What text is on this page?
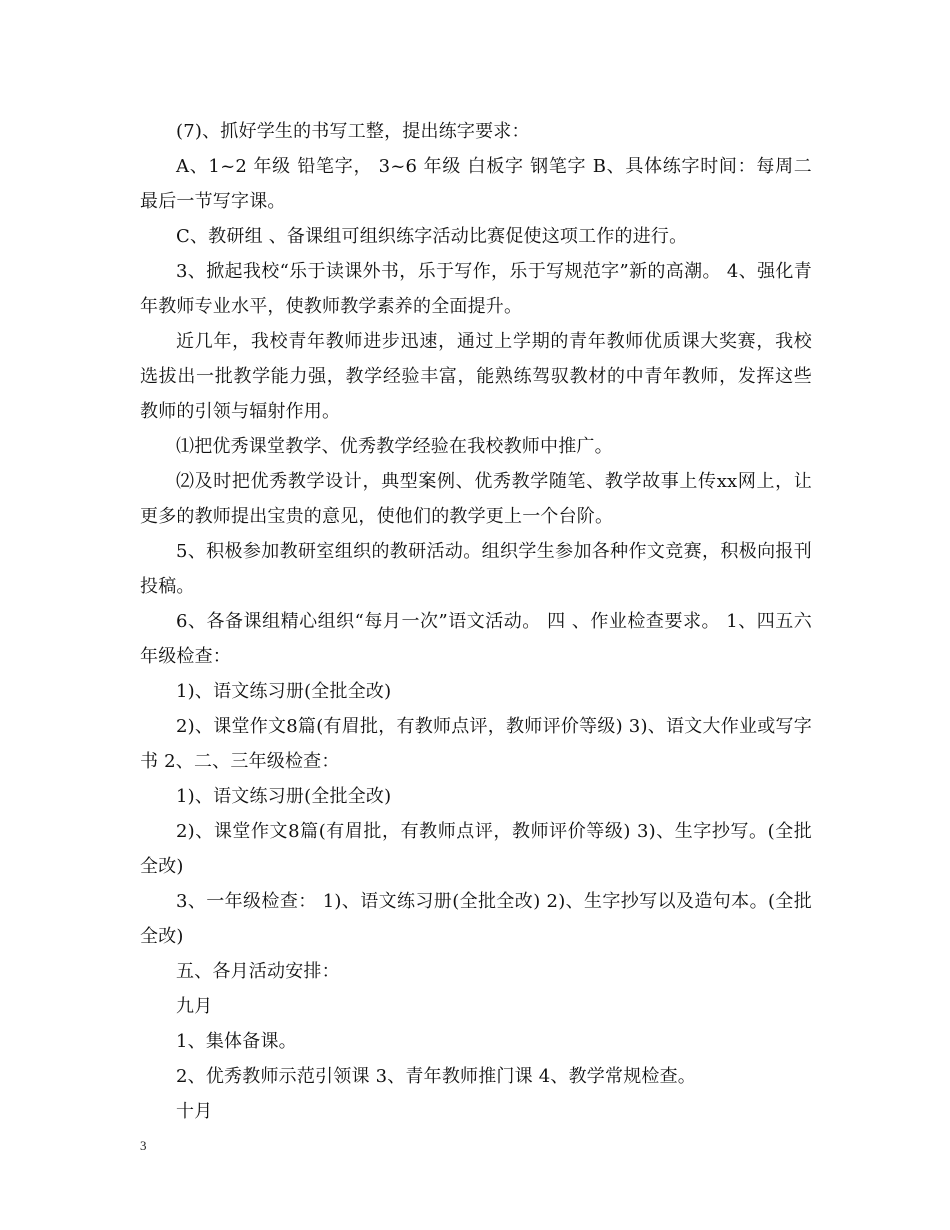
(7)、抓好学生的书写工整，提出练字要求：

A、1~2 年级 铅笔字， 3~6 年级 白板字 钢笔字 B、具体练字时间：每周二最后一节写字课。

C、教研组 、备课组可组织练字活动比赛促使这项工作的进行。

3、掀起我校“乐于读课外书，乐于写作，乐于写规范字”新的高潮。 4、强化青年教师专业水平，使教师教学素养的全面提升。

近几年，我校青年教师进步迅速，通过上学期的青年教师优质课大奖赛，我校选拔出一批教学能力强，教学经验丰富，能熟练驾驭教材的中青年教师，发挥这些教师的引领与辐射作用。

⑴把优秀课堂教学、优秀教学经验在我校教师中推广。

⑵及时把优秀教学设计，典型案例、优秀教学随笔、教学故事上传xx网上，让更多的教师提出宝贵的意见，使他们的教学更上一个台阶。

5、积极参加教研室组织的教研活动。组织学生参加各种作文竞赛，积极向报刊投稿。

6、各备课组精心组织“每月一次”语文活动。 四 、作业检查要求。 1、四五六年级检查：

1)、语文练习册(全批全改)

2)、课堂作文8篇(有眉批，有教师点评，教师评价等级) 3)、语文大作业或写字书 2、二、三年级检查：

1)、语文练习册(全批全改)

2)、课堂作文8篇(有眉批，有教师点评，教师评价等级) 3)、生字抄写。(全批全改)

3、一年级检查： 1)、语文练习册(全批全改) 2)、生字抄写以及造句本。(全批全改)

五、各月活动安排：

九月

1、集体备课。

2、优秀教师示范引领课 3、青年教师推门课 4、教学常规检查。

十月

3
